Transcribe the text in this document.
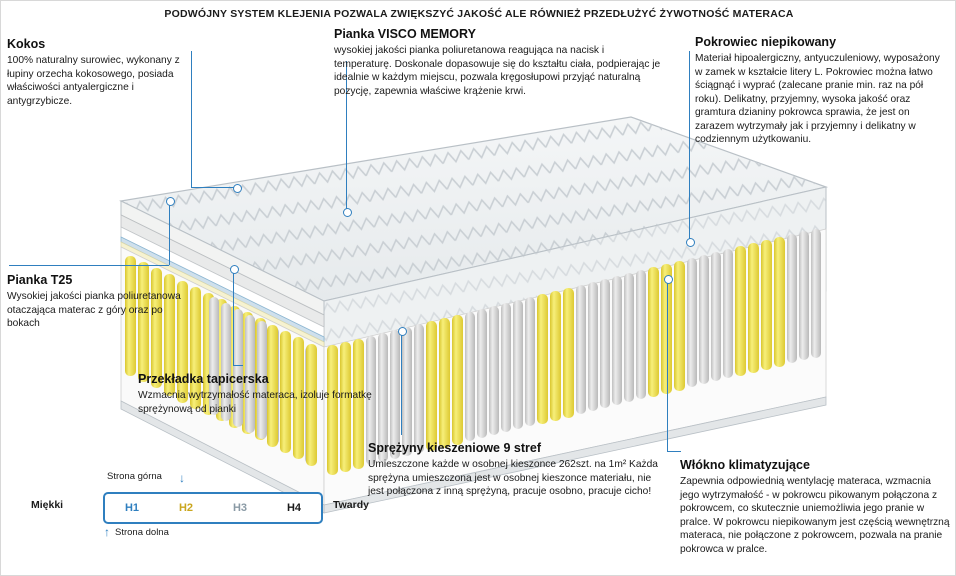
PODWÓJNY SYSTEM KLEJENIA POZWALA ZWIĘKSZYĆ JAKOŚĆ ALE RÓWNIEŻ PRZEDŁUŻYĆ ŻYWOTNOŚĆ MATERACA

Kokos

100% naturalny surowiec, wykonany z łupiny orzecha kokosowego, posiada właściwości antyalergiczne i antygrzybicze.

Pianka VISCO MEMORY

wysokiej jakości pianka poliuretanowa reagująca na nacisk i temperaturę. Doskonale dopasowuje się do kształtu ciała, podpierając je idealnie w każdym miejscu, pozwala kręgosłupowi przyjąć naturalną pozycję, zapewnia właściwe krążenie krwi.

Pokrowiec niepikowany

Materiał hipoalergiczny, antyuczuleniowy, wyposażony w zamek w kształcie litery L. Pokrowiec można łatwo ściągnąć i wyprać (zalecane pranie min. raz na pół roku). Delikatny, przyjemny, wysoka jakość oraz gramtura dzianiny pokrowca sprawia, że jest on zarazem wytrzymały jak i przyjemny i delikatny w codziennym użytkowaniu.

Pianka T25

Wysokiej jakości pianka poliuretanowa otaczająca materac z góry oraz po bokach

Przekładka tapicerska

Wzmacnia wytrzymałość materaca, izoluje formatkę sprężynową od pianki

Sprężyny kieszeniowe 9 stref

Umieszczone każde w osobnej kieszonce 262szt. na 1m² Każda sprężyna umieszczona jest w osobnej kieszonce materiału, nie jest połączona z inną sprężyną, pracuje osobno, pracuje cicho!

Włókno klimatyzujące

Zapewnia odpowiednią wentylację materaca, wzmacnia jego wytrzymałość - w pokrowcu pikowanym połączona z pokrowcem, co skutecznie uniemożliwia jego pranie w pralce. W pokrowcu niepikowanym jest częścią wewnętrzną materaca, nie połączone z pokrowcem, pozwala na pranie pokrowca w pralce.

Strona górna ↓
Miękki	H1	H2	H3	H4	Twardy
↑ Strona dolna
